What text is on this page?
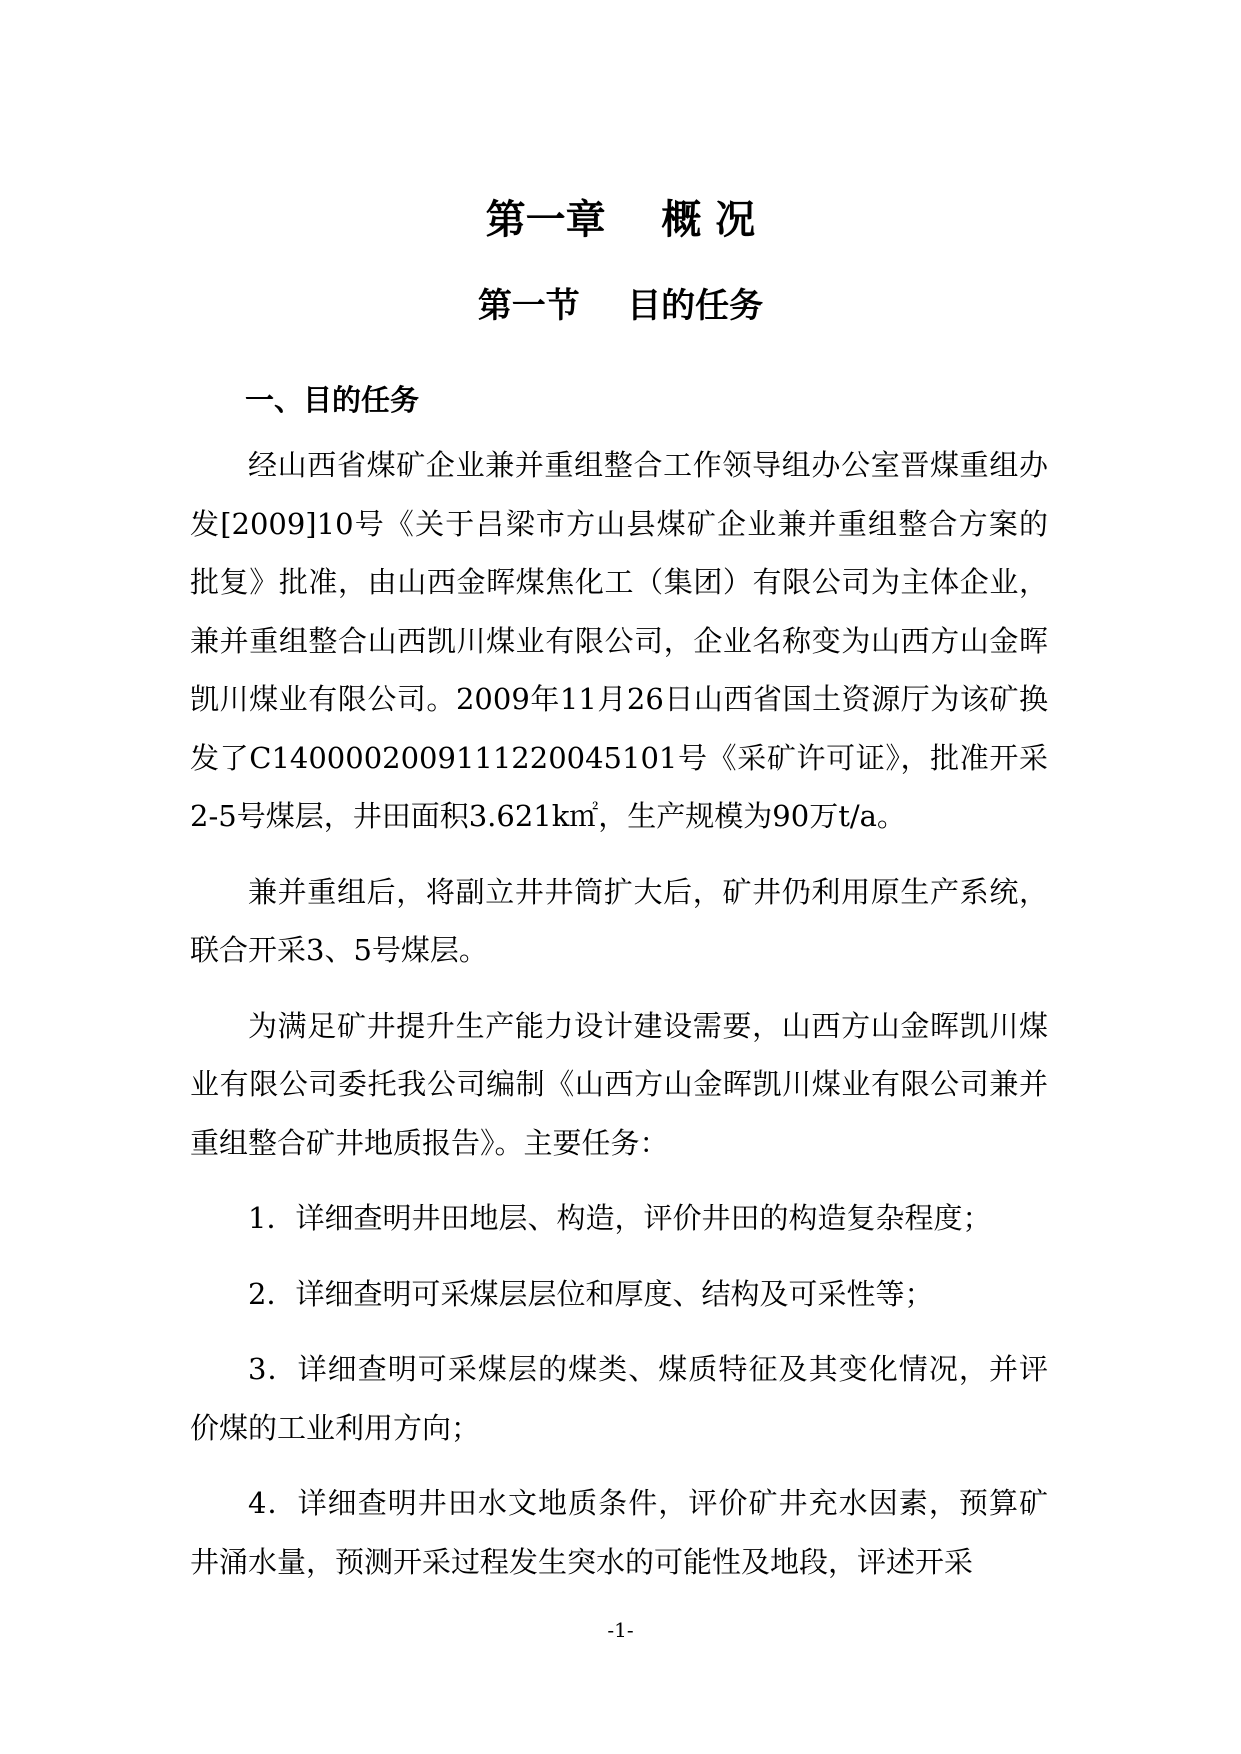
第一章    概 况
第一节    目的任务
一、目的任务

经山西省煤矿企业兼并重组整合工作领导组办公室晋煤重组办发[2009]10号《关于吕梁市方山县煤矿企业兼并重组整合方案的批复》批准，由山西金晖煤焦化工（集团）有限公司为主体企业，兼并重组整合山西凯川煤业有限公司，企业名称变为山西方山金晖凯川煤业有限公司。2009年11月26日山西省国土资源厅为该矿换发了C1400002009111220045101号《采矿许可证》，批准开采2-5号煤层，井田面积3.621k㎡，生产规模为90万t/a。

兼并重组后，将副立井井筒扩大后，矿井仍利用原生产系统，联合开采3、5号煤层。

为满足矿井提升生产能力设计建设需要，山西方山金晖凯川煤业有限公司委托我公司编制《山西方山金晖凯川煤业有限公司兼并重组整合矿井地质报告》。主要任务：

1．详细查明井田地层、构造，评价井田的构造复杂程度；

2．详细查明可采煤层层位和厚度、结构及可采性等；

3．详细查明可采煤层的煤类、煤质特征及其变化情况，并评价煤的工业利用方向；

4．详细查明井田水文地质条件，评价矿井充水因素，预算矿井涌水量，预测开采过程发生突水的可能性及地段，评述开采

-1-
